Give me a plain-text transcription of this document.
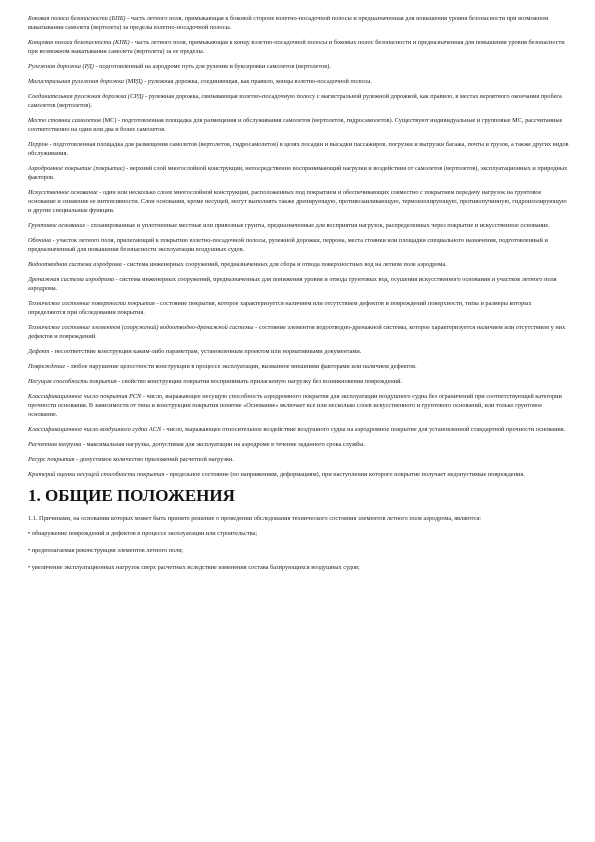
Боковая полоса безопасности (БПБ) - часть летного поля, примыкающая к боковой стороне взлетно-посадочной полосы и предназначенная для повышения уровня безопасности при возможном выкатывании самолета (вертолета) за пределы взлетно-посадочной полосы.
Концевая полоса безопасности (КПБ) - часть летного поля, примыкающая к концу взлетно-посадочной полосы и боковых полос безопасности и предназначенная для повышения уровня безопасности при возможном выкатывании самолета (вертолета) за ее пределы.
Рулежная дорожка (РД) - подготовленный на аэродроме путь для руления и буксировки самолетов (вертолетов).
Магистральная рулежная дорожка (МРД) - рулежная дорожка, соединяющая, как правило, концы взлетно-посадочной полосы.
Соединительная рулежная дорожка (СРД) - рулежная дорожка, связывающая взлетно-посадочную полосу с магистральной рулежной дорожкой, как правило, в местах вероятного окончания пробега самолетов (вертолетов).
Место стоянки самолетов (МС) - подготовленная площадка для размещения и обслуживания самолетов (вертолетов, гидросамолетов). Существуют индивидуальные и групповые МС, рассчитанные соответственно на один или два и более самолетов.
Перрон - подготовленная площадка для размещения самолетов (вертолетов, гидросамолетов) в целях посадки и высадки пассажиров, погрузки и выгрузки багажа, почты и грузов, а также других видов обслуживания.
Аэродромное покрытие (покрытие) - верхний слой многослойной конструкции, непосредственно воспринимающий нагрузки и воздействия от самолетов (вертолетов), эксплуатационных и природных факторов.
Искусственное основание - один или несколько слоев многослойной конструкции, расположенных под покрытием и обеспечивающих совместно с покрытием передачу нагрузок на грунтовое основание и снижение ее интенсивности. Слои основания, кроме несущей, могут выполнять также дренирующую, противозаиливающую, термоизолирующую, противопучинную, гидроизолирующую и другие специальные функции.
Грунтовое основание - спланированные и уплотненные местные или привозные грунты, предназначенные для восприятия нагрузок, распределенных через покрытие и искусственное основание.
Обочина - участок летного поля, прилегающий к покрытию взлетно-посадочной полосы, рулежной дорожки, перрона, места стоянки или площадки специального назначения, подготовленный и предназначенный для повышения безопасности эксплуатации воздушных судов.
Водоотводная система аэродрома - система инженерных сооружений, предназначенных для сбора и отвода поверхностных вод на летном поле аэродрома.
Дренажная система аэродрома - система инженерных сооружений, предназначенных для понижения уровня и отвода грунтовых вод, осушения искусственного основания и участков летного поля аэродрома.
Техническое состояние поверхности покрытия - состояние покрытия, которое характеризуется наличием или отсутствием дефектов и повреждений поверхности, типы и размеры которых определяются при обследовании покрытия.
Техническое состояние элементов (сооружений) водоотводно-дренажной системы - состояние элементов водоотводно-дренажной системы, которое характеризуется наличием или отсутствием у них дефектов и повреждений.
Дефект - несоответствие конструкции каким-либо параметрам, установленным проектом или нормативными документами.
Повреждение - любое нарушение целостности конструкции в процессе эксплуатации, вызванное внешними факторами или наличием дефектов.
Несущая способность покрытия - свойство конструкции покрытия воспринимать прилагаемую нагрузку без возникновения повреждений.
Классификационное число покрытия PCN - число, выражающее несущую способность аэродромного покрытия для эксплуатации воздушного судна без ограничений при соответствующей категории прочности основания. В зависимости от типа и конструкции покрытия понятие «Основание» включает все или несколько слоев искусственного и грунтового оснований, или только грунтовое основание.
Классификационное число воздушного судна ACN - число, выражающее относительное воздействие воздушного судна на аэродромное покрытие для установленной стандартной прочности основания.
Расчетная нагрузка - максимальная нагрузка, допустимая для эксплуатации на аэродроме в течение заданного срока службы.
Ресурс покрытия - допустимое количество приложений расчетной нагрузки.
Критерий оценки несущей способности покрытия - предельное состояние (по напряжениям, деформациям), при наступлении которого покрытие получает недопустимые повреждения.
1. ОБЩИЕ ПОЛОЖЕНИЯ
1.1. Причинами, на основании которых может быть принято решение о проведении обследования технического состояния элементов летного поля аэродрома, являются:
• обнаружение повреждений и дефектов в процессе эксплуатации или строительства;
• предполагаемая реконструкция элементов летного поля;
• увеличение эксплуатационных нагрузок сверх расчетных вследствие изменения состава базирующихся воздушных судов;
